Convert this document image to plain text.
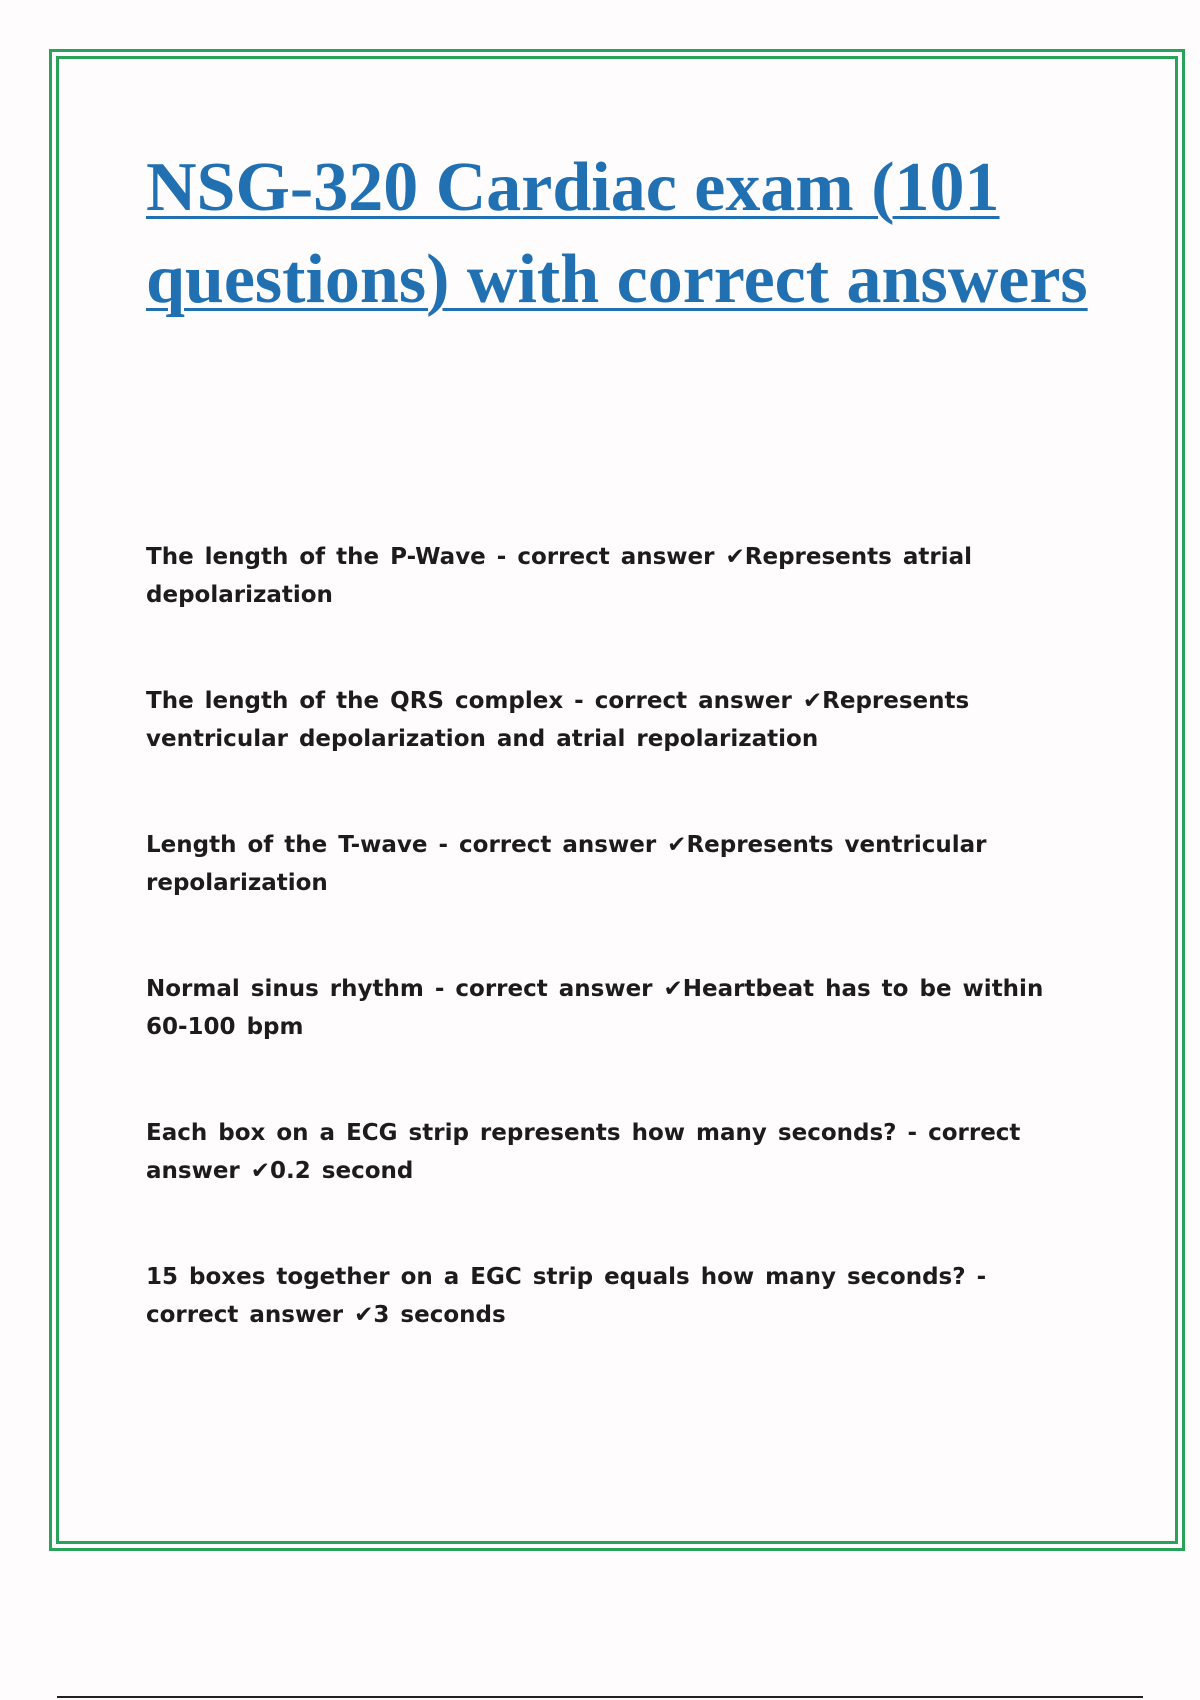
NSG-320 Cardiac exam (101 questions) with correct answers

The length of the P-Wave - correct answer ✔Represents atrial depolarization

The length of the QRS complex - correct answer ✔Represents ventricular depolarization and atrial repolarization

Length of the T-wave - correct answer ✔Represents ventricular repolarization

Normal sinus rhythm - correct answer ✔Heartbeat has to be within 60-100 bpm

Each box on a ECG strip represents how many seconds? - correct answer ✔0.2 second

15 boxes together on a EGC strip equals how many seconds? - correct answer ✔3 seconds
